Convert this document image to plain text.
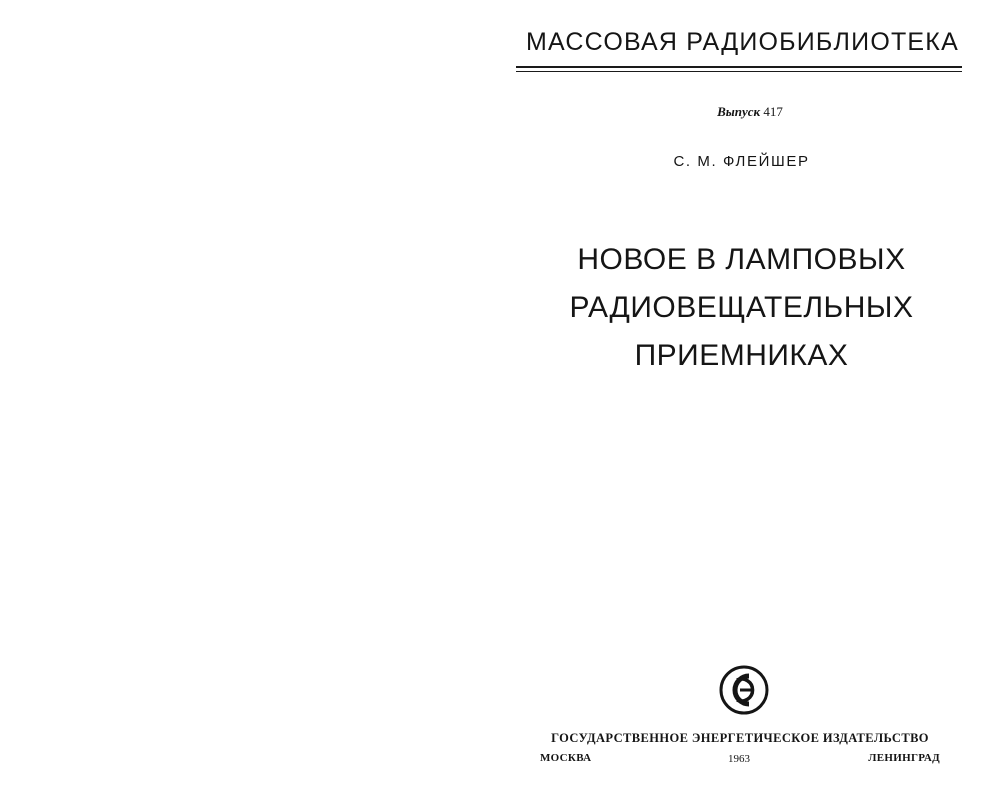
МАССОВАЯ РАДИОБИБЛИОТЕКА
Выпуск 417
С. М. ФЛЕЙШЕР
НОВОЕ В ЛАМПОВЫХ
РАДИОВЕЩАТЕЛЬНЫХ
ПРИЕМНИКАХ
ГОСУДАРСТВЕННОЕ ЭНЕРГЕТИЧЕСКОЕ ИЗДАТЕЛЬСТВО
МОСКВА	1963	ЛЕНИНГРАД
